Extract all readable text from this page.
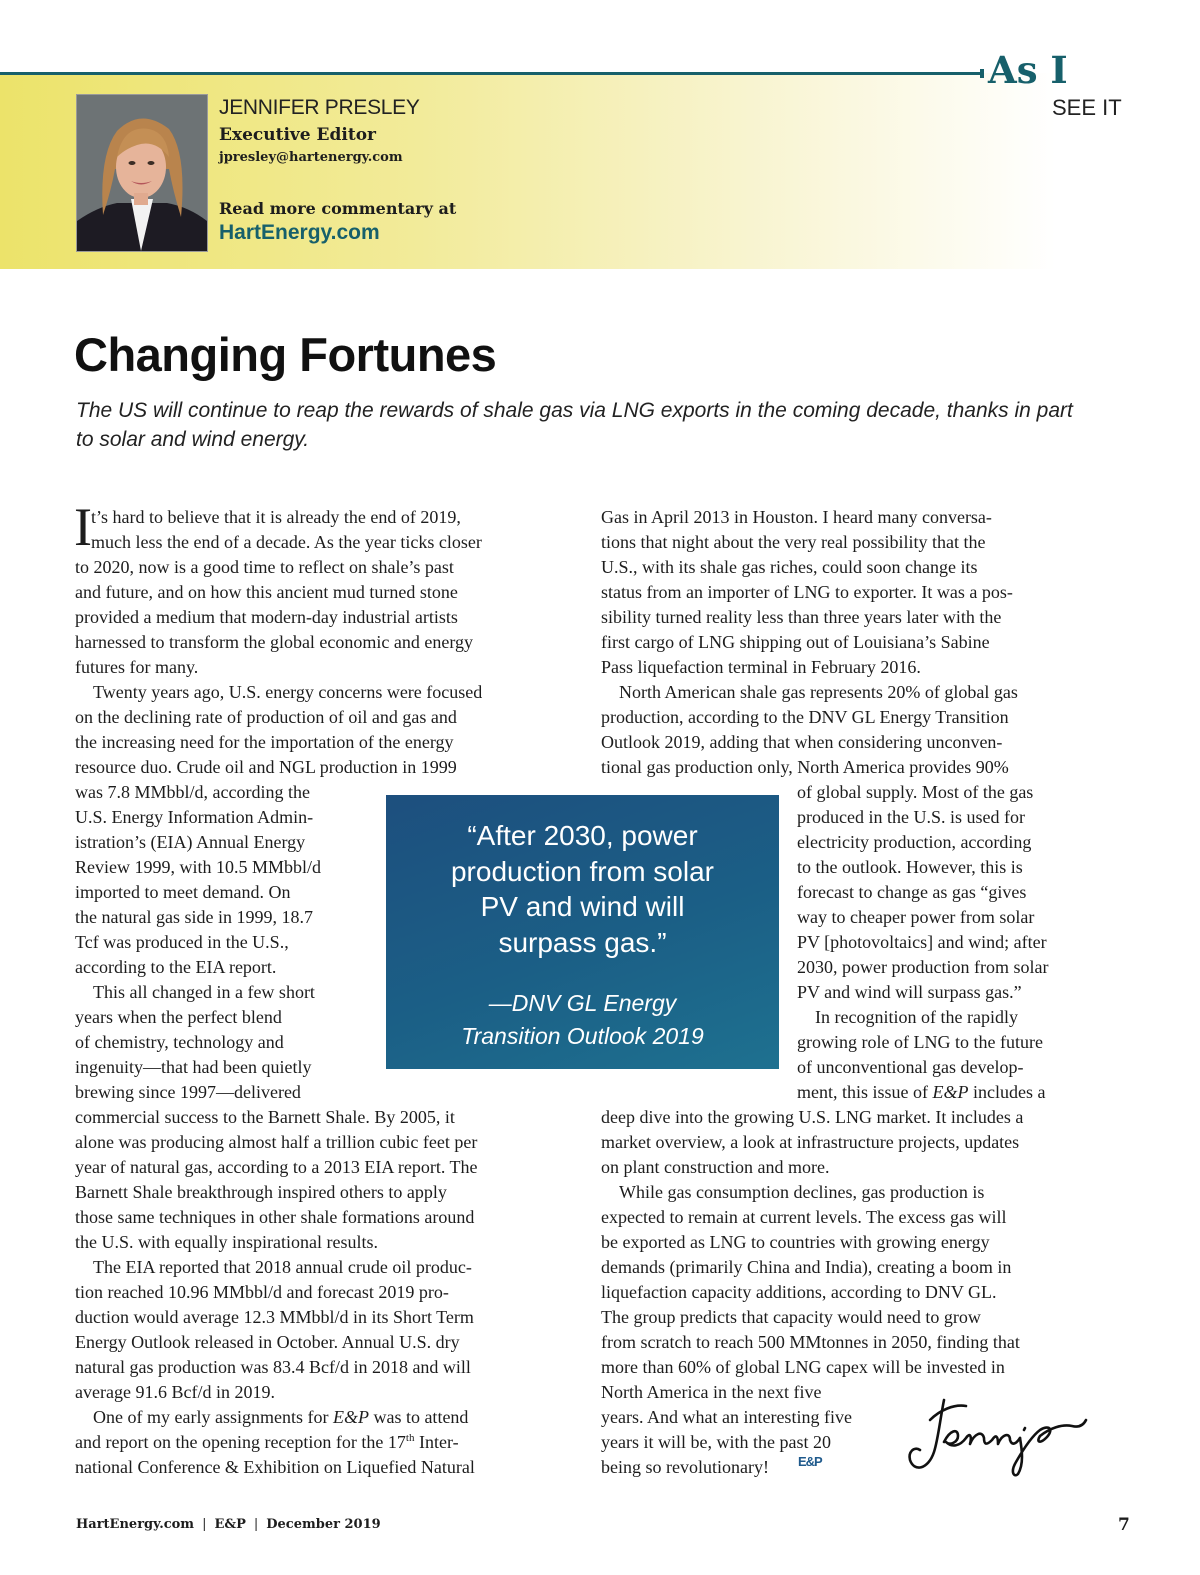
As I
SEE IT
JENNIFER PRESLEY
Executive Editor
jpresley@hartenergy.com
Read more commentary at
HartEnergy.com
Changing Fortunes
The US will continue to reap the rewards of shale gas via LNG exports in the coming decade, thanks in part to solar and wind energy.
I t’s hard to believe that it is already the end of 2019,

much less the end of a decade. As the year ticks closer

to 2020, now is a good time to reflect on shale’s past

and future, and on how this ancient mud turned stone

provided a medium that modern-day industrial artists

harnessed to transform the global economic and energy

futures for many.

Twenty years ago, U.S. energy concerns were focused

on the declining rate of production of oil and gas and

the increasing need for the importation of the energy

resource duo. Crude oil and NGL production in 1999

was 7.8 MMbbl/d, according the

U.S. Energy Information Admin-

istration’s (EIA) Annual Energy

Review 1999, with 10.5 MMbbl/d

imported to meet demand. On

the natural gas side in 1999, 18.7

Tcf was produced in the U.S.,

according to the EIA report.

This all changed in a few short

years when the perfect blend

of chemistry, technology and

ingenuity—that had been quietly

brewing since 1997—delivered

commercial success to the Barnett Shale. By 2005, it

alone was producing almost half a trillion cubic feet per

year of natural gas, according to a 2013 EIA report. The

Barnett Shale breakthrough inspired others to apply

those same techniques in other shale formations around

the U.S. with equally inspirational results.

The EIA reported that 2018 annual crude oil produc-

tion reached 10.96 MMbbl/d and forecast 2019 pro-

duction would average 12.3 MMbbl/d in its Short Term

Energy Outlook released in October. Annual U.S. dry

natural gas production was 83.4 Bcf/d in 2018 and will

average 91.6 Bcf/d in 2019.

One of my early assignments for E&P was to attend

and report on the opening reception for the 17th Inter-

national Conference & Exhibition on Liquefied Natural

Gas in April 2013 in Houston. I heard many conversa-

tions that night about the very real possibility that the

U.S., with its shale gas riches, could soon change its

status from an importer of LNG to exporter. It was a pos-

sibility turned reality less than three years later with the

first cargo of LNG shipping out of Louisiana’s Sabine

Pass liquefaction terminal in February 2016.

North American shale gas represents 20% of global gas

production, according to the DNV GL Energy Transition

Outlook 2019, adding that when considering unconven-

tional gas production only, North America provides 90%

of global supply. Most of the gas

produced in the U.S. is used for

electricity production, according

to the outlook. However, this is

forecast to change as gas “gives

way to cheaper power from solar

PV [photovoltaics] and wind; after

2030, power production from solar

PV and wind will surpass gas.”

In recognition of the rapidly

growing role of LNG to the future

of unconventional gas develop-

ment, this issue of E&P includes a

deep dive into the growing U.S. LNG market. It includes a

market overview, a look at infrastructure projects, updates

on plant construction and more.

While gas consumption declines, gas production is

expected to remain at current levels. The excess gas will

be exported as LNG to countries with growing energy

demands (primarily China and India), creating a boom in

liquefaction capacity additions, according to DNV GL.

The group predicts that capacity would need to grow

from scratch to reach 500 MMtonnes in 2050, finding that

more than 60% of global LNG capex will be invested in

North America in the next five

years. And what an interesting five

years it will be, with the past 20

being so revolutionary! E&P
“After 2030, power
production from solar
PV and wind will
surpass gas.”
—DNV GL Energy
Transition Outlook 2019
HartEnergy.com | E&P | December 2019	7
